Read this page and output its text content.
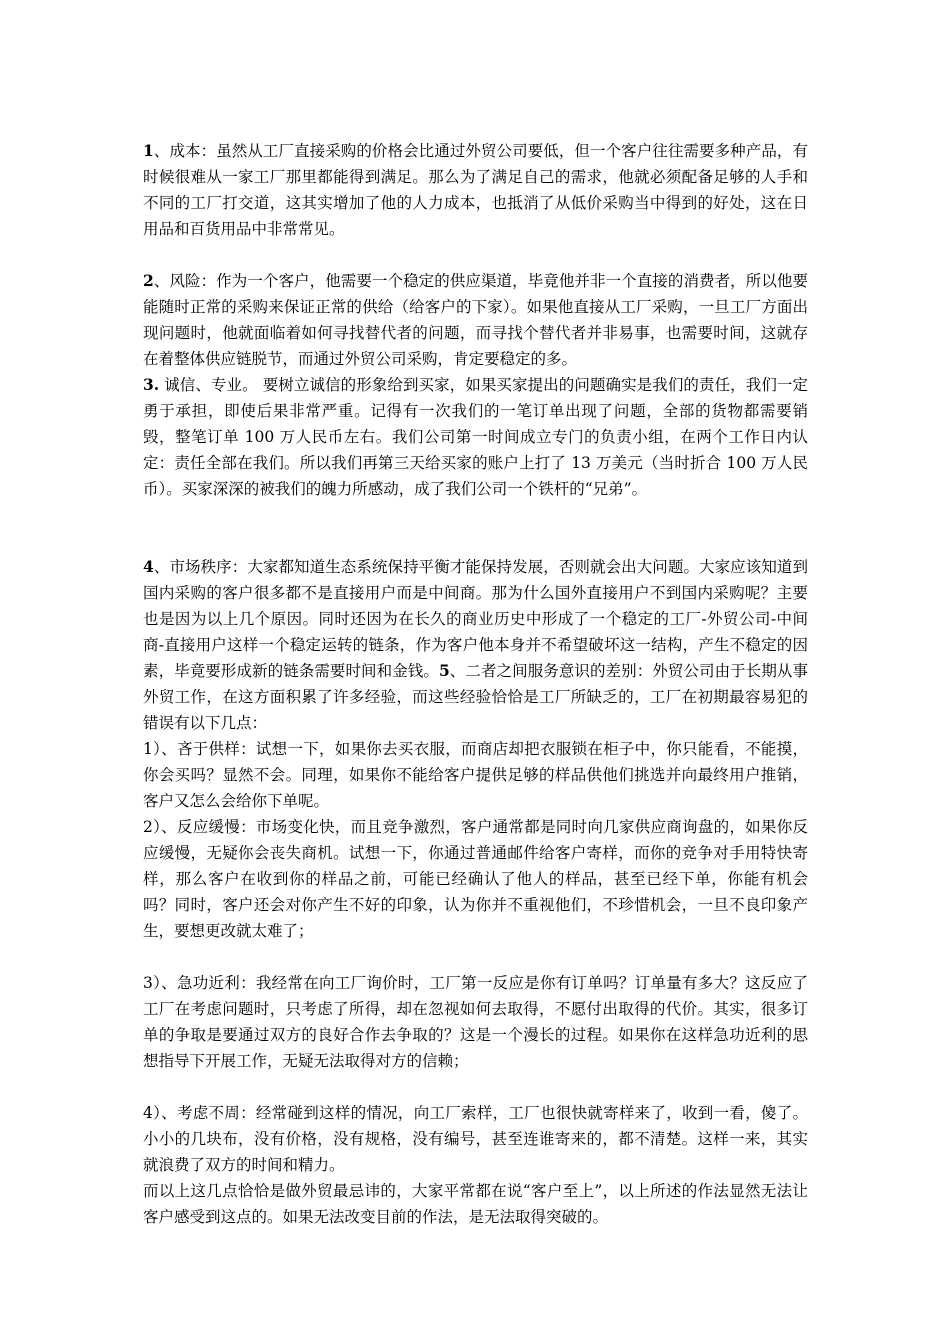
1、成本：虽然从工厂直接采购的价格会比通过外贸公司要低，但一个客户往往需要多种产品，有时候很难从一家工厂那里都能得到满足。那么为了满足自己的需求，他就必须配备足够的人手和不同的工厂打交道，这其实增加了他的人力成本，也抵消了从低价采购当中得到的好处，这在日用品和百货用品中非常常见。

2、风险：作为一个客户，他需要一个稳定的供应渠道，毕竟他并非一个直接的消费者，所以他要能随时正常的采购来保证正常的供给（给客户的下家）。如果他直接从工厂采购，一旦工厂方面出现问题时，他就面临着如何寻找替代者的问题，而寻找个替代者并非易事，也需要时间，这就存在着整体供应链脱节，而通过外贸公司采购，肯定要稳定的多。

3. 诚信、专业。 要树立诚信的形象给到买家，如果买家提出的问题确实是我们的责任，我们一定勇于承担，即使后果非常严重。记得有一次我们的一笔订单出现了问题，全部的货物都需要销毁，整笔订单 100 万人民币左右。我们公司第一时间成立专门的负责小组，在两个工作日内认定：责任全部在我们。所以我们再第三天给买家的账户上打了 13 万美元（当时折合 100 万人民币）。买家深深的被我们的魄力所感动，成了我们公司一个铁杆的“兄弟”。

4、市场秩序：大家都知道生态系统保持平衡才能保持发展，否则就会出大问题。大家应该知道到国内采购的客户很多都不是直接用户而是中间商。那为什么国外直接用户不到国内采购呢？主要也是因为以上几个原因。同时还因为在长久的商业历史中形成了一个稳定的工厂-外贸公司-中间商-直接用户这样一个稳定运转的链条，作为客户他本身并不希望破坏这一结构，产生不稳定的因素，毕竟要形成新的链条需要时间和金钱。5、二者之间服务意识的差别：外贸公司由于长期从事外贸工作，在这方面积累了许多经验，而这些经验恰恰是工厂所缺乏的，工厂在初期最容易犯的错误有以下几点：

1）、吝于供样：试想一下，如果你去买衣服，而商店却把衣服锁在柜子中，你只能看，不能摸，你会买吗？显然不会。同理，如果你不能给客户提供足够的样品供他们挑选并向最终用户推销，客户又怎么会给你下单呢。

2）、反应缓慢：市场变化快，而且竞争激烈，客户通常都是同时向几家供应商询盘的，如果你反应缓慢，无疑你会丧失商机。试想一下，你通过普通邮件给客户寄样，而你的竞争对手用特快寄样，那么客户在收到你的样品之前，可能已经确认了他人的样品，甚至已经下单，你能有机会吗？同时，客户还会对你产生不好的印象，认为你并不重视他们，不珍惜机会，一旦不良印象产生，要想更改就太难了；

3）、急功近利：我经常在向工厂询价时，工厂第一反应是你有订单吗？订单量有多大？这反应了工厂在考虑问题时，只考虑了所得，却在忽视如何去取得，不愿付出取得的代价。其实，很多订单的争取是要通过双方的良好合作去争取的？这是一个漫长的过程。如果你在这样急功近利的思想指导下开展工作，无疑无法取得对方的信赖；

4）、考虑不周：经常碰到这样的情况，向工厂索样，工厂也很快就寄样来了，收到一看，傻了。小小的几块布，没有价格，没有规格，没有编号，甚至连谁寄来的，都不清楚。这样一来，其实就浪费了双方的时间和精力。

而以上这几点恰恰是做外贸最忌讳的，大家平常都在说“客户至上”，以上所述的作法显然无法让客户感受到这点的。如果无法改变目前的作法，是无法取得突破的。
